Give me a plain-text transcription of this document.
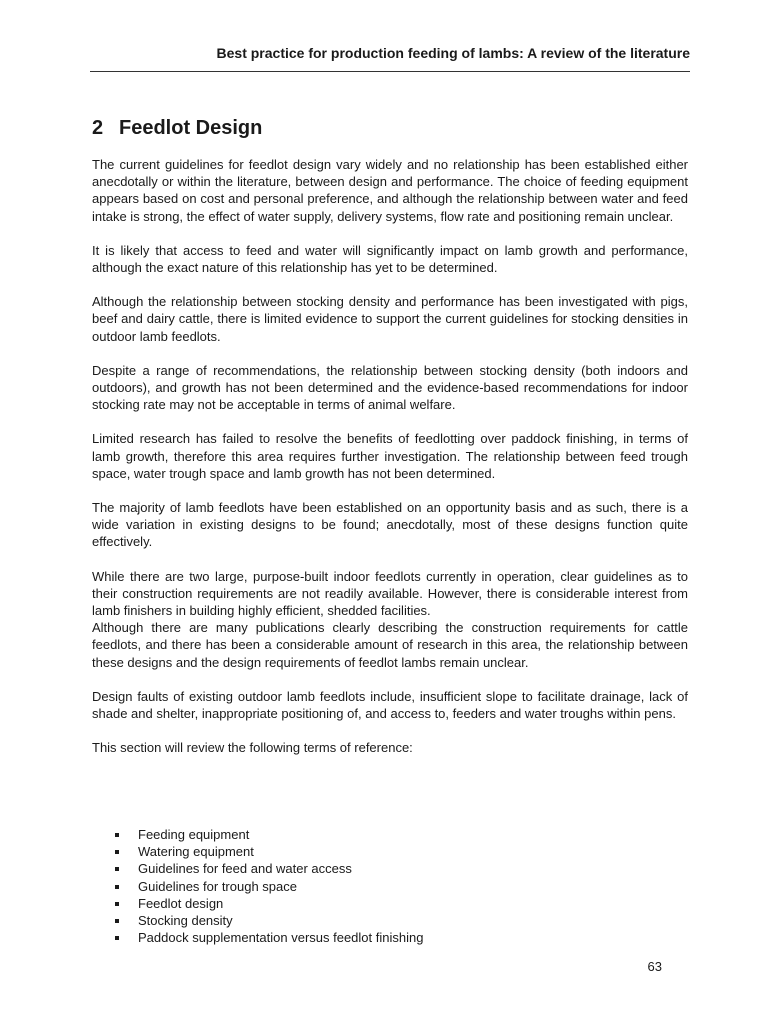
Best practice for production feeding of lambs: A review of the literature
2 Feedlot Design

The current guidelines for feedlot design vary widely and no relationship has been established either anecdotally or within the literature, between design and performance. The choice of feeding equipment appears based on cost and personal preference, and although the relationship between water and feed intake is strong, the effect of water supply, delivery systems, flow rate and positioning remain unclear.

It is likely that access to feed and water will significantly impact on lamb growth and performance, although the exact nature of this relationship has yet to be determined.

Although the relationship between stocking density and performance has been investigated with pigs, beef and dairy cattle, there is limited evidence to support the current guidelines for stocking densities in outdoor lamb feedlots.

Despite a range of recommendations, the relationship between stocking density (both indoors and outdoors), and growth has not been determined and the evidence-based recommendations for indoor stocking rate may not be acceptable in terms of animal welfare.

Limited research has failed to resolve the benefits of feedlotting over paddock finishing, in terms of lamb growth, therefore this area requires further investigation. The relationship between feed trough space, water trough space and lamb growth has not been determined.

The majority of lamb feedlots have been established on an opportunity basis and as such, there is a wide variation in existing designs to be found; anecdotally, most of these designs function quite effectively.

While there are two large, purpose-built indoor feedlots currently in operation, clear guidelines as to their construction requirements are not readily available. However, there is considerable interest from lamb finishers in building highly efficient, shedded facilities.

Although there are many publications clearly describing the construction requirements for cattle feedlots, and there has been a considerable amount of research in this area, the relationship between these designs and the design requirements of feedlot lambs remain unclear.

Design faults of existing outdoor lamb feedlots include, insufficient slope to facilitate drainage, lack of shade and shelter, inappropriate positioning of, and access to, feeders and water troughs within pens.

This section will review the following terms of reference:

Feeding equipment
Watering equipment
Guidelines for feed and water access
Guidelines for trough space
Feedlot design
Stocking density
Paddock supplementation versus feedlot finishing
63
